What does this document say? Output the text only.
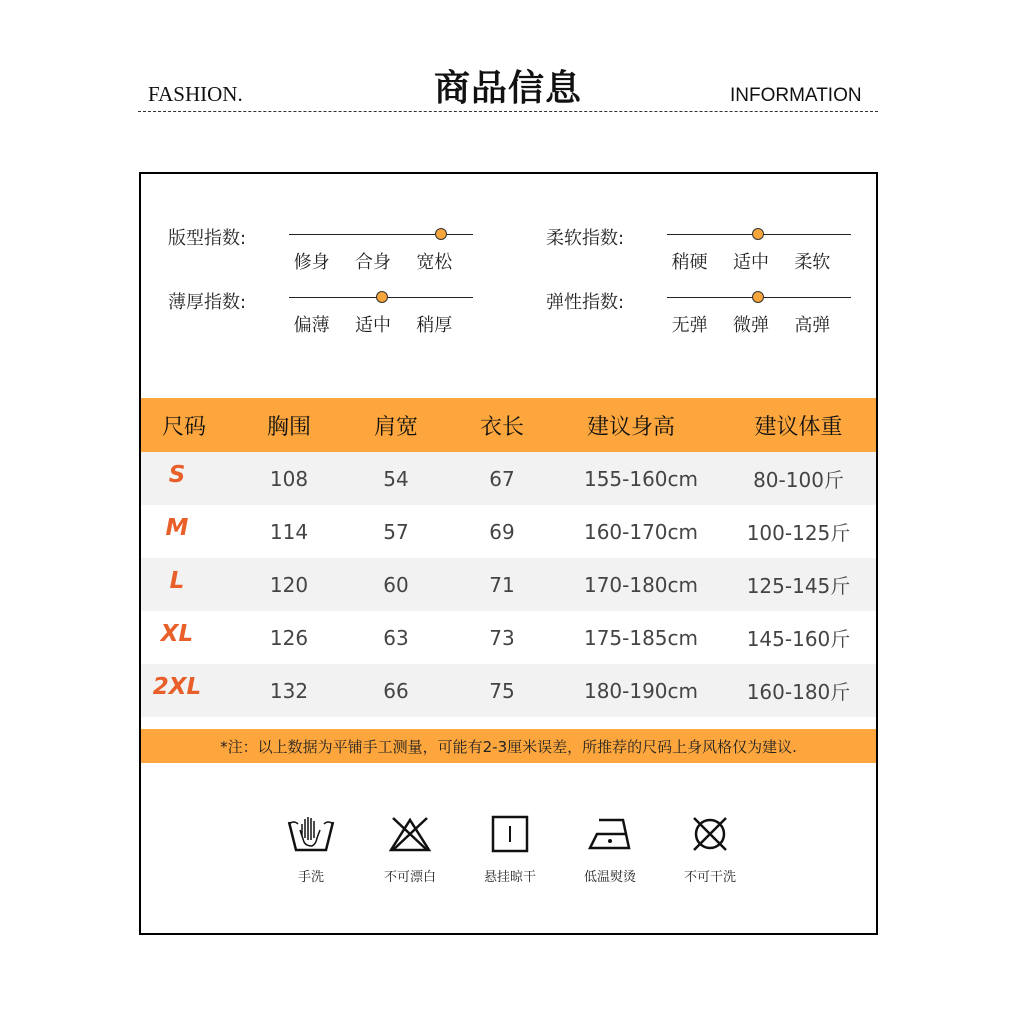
FASHION.	商品信息	INFORMATION
版型指数:
修身 合身 宽松
柔软指数:
稍硬 适中 柔软
薄厚指数:
偏薄 适中 稍厚
弹性指数:
无弹 微弹 高弹
尺码	胸围	肩宽	衣长	建议身高	建议体重
S	108	54	67	155-160cm	80-100斤
M	114	57	69	160-170cm	100-125斤
L	120	60	71	170-180cm	125-145斤
XL	126	63	73	175-185cm	145-160斤
2XL	132	66	75	180-190cm	160-180斤
*注：以上数据为平铺手工测量，可能有2-3厘米误差，所推荐的尺码上身风格仅为建议.
手洗	不可漂白	悬挂晾干	低温熨烫	不可干洗
